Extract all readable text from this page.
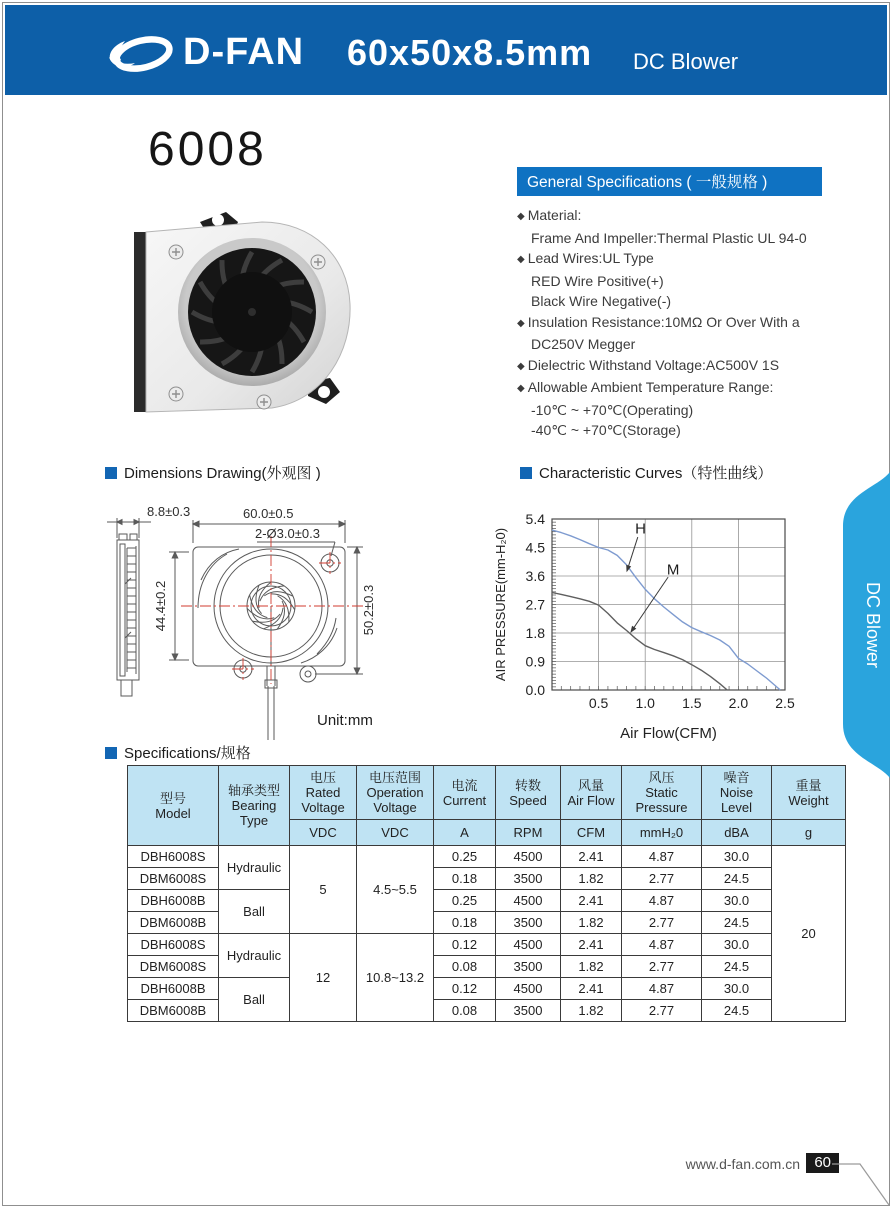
D-FAN 60x50x8.5mm DC Blower
6008
General Specifications ( 一般规格 )
◆ Material:
Frame And Impeller:Thermal Plastic UL 94-0
◆ Lead Wires:UL Type
RED Wire Positive(+)
Black Wire Negative(-)
◆ Insulation Resistance:10MΩ Or Over With a
DC250V Megger
◆ Dielectric Withstand Voltage:AC500V 1S
◆ Allowable Ambient Temperature Range:
-10℃ ~ +70℃(Operating)
-40℃ ~ +70℃(Storage)
Dimensions Drawing(外观图 )	Characteristic Curves（特性曲线）
Specifications/规格
8.8±0.3	60.0±0.5
2-Ø3.0±0.3
44.4±0.2	50.2±0.3
Unit:mm
0.0
0.9
1.8
2.7
3.6
4.5
5.4
0.5 1.0 1.5 2.0 2.5
AIR PRESSURE(mm-H₂0)
Air Flow(CFM)
H
M
型号
Model	轴承类型
Bearing Type	电压
Rated Voltage	电压范围
Operation Voltage	电流
Current	转数
Speed	风量
Air Flow	风压
Static Pressure	噪音
Noise Level	重量
Weight
		VDC	VDC	A	RPM	CFM	mmH₂0	dBA	g
DBH6008S	Hydraulic	5	4.5~5.5	0.25	4500	2.41	4.87	30.0	20
DBM6008S				0.18	3500	1.82	2.77	24.5	
DBH6008B	Ball			0.25	4500	2.41	4.87	30.0	
DBM6008B				0.18	3500	1.82	2.77	24.5	
DBH6008S	Hydraulic	12	10.8~13.2	0.12	4500	2.41	4.87	30.0	
DBM6008S				0.08	3500	1.82	2.77	24.5	
DBH6008B	Ball			0.12	4500	2.41	4.87	30.0	
DBM6008B				0.08	3500	1.82	2.77	24.5	
DC Blower
www.d-fan.com.cn 60
